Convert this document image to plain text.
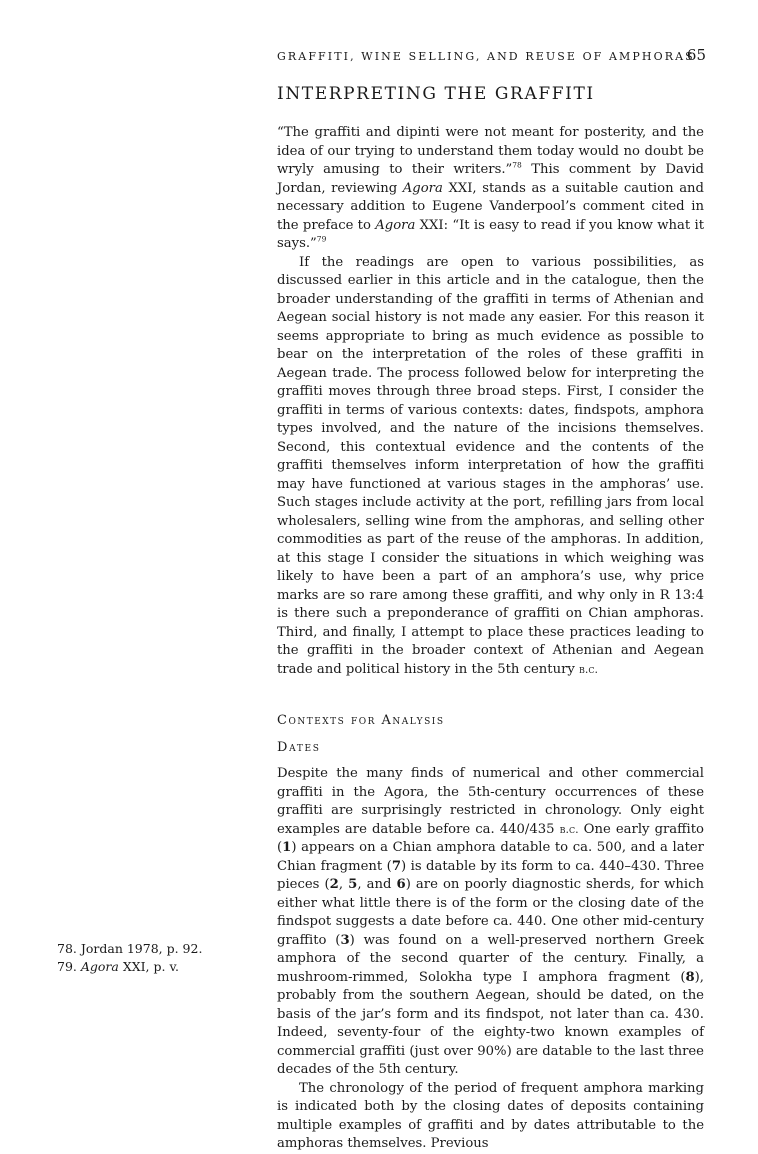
GRAFFITI, WINE SELLING, AND REUSE OF AMPHORAS
65
INTERPRETING THE GRAFFITI

“The graffiti and dipinti were not meant for posterity, and the idea of our trying to understand them today would no doubt be wryly amusing to their writers.”$^{78}$ This comment by David Jordan, reviewing Agora XXI, stands as a suitable caution and necessary addition to Eugene Vanderpool’s comment cited in the preface to Agora XXI: “It is easy to read if you know what it says.”$^{79}$

If the readings are open to various possibilities, as discussed earlier in this article and in the catalogue, then the broader understanding of the graffiti in terms of Athenian and Aegean social history is not made any easier. For this reason it seems appropriate to bring as much evidence as possible to bear on the interpretation of the roles of these graffiti in Aegean trade. The process followed below for interpreting the graffiti moves through three broad steps. First, I consider the graffiti in terms of various contexts: dates, findspots, amphora types involved, and the nature of the incisions themselves. Second, this contextual evidence and the contents of the graffiti themselves inform interpretation of how the graffiti may have functioned at various stages in the amphoras’ use. Such stages include activity at the port, refilling jars from local wholesalers, selling wine from the amphoras, and selling other commodities as part of the reuse of the amphoras. In addition, at this stage I consider the situations in which weighing was likely to have been a part of an amphora’s use, why price marks are so rare among these graffiti, and why only in R 13:4 is there such a preponderance of graffiti on Chian amphoras. Third, and finally, I attempt to place these practices leading to the graffiti in the broader context of Athenian and Aegean trade and political history in the 5th century b.c.

Contexts for Analysis
Dates

Despite the many finds of numerical and other commercial graffiti in the Agora, the 5th-century occurrences of these graffiti are surprisingly restricted in chronology. Only eight examples are datable before ca. 440/435 b.c. One early graffito (1) appears on a Chian amphora datable to ca. 500, and a later Chian fragment (7) is datable by its form to ca. 440–430. Three pieces (2, 5, and 6) are on poorly diagnostic sherds, for which either what little there is of the form or the closing date of the findspot suggests a date before ca. 440. One other mid-century graffito (3) was found on a well-preserved northern Greek amphora of the second quarter of the century. Finally, a mushroom-rimmed, Solokha type I amphora fragment (8), probably from the southern Aegean, should be dated, on the basis of the jar’s form and its findspot, not later than ca. 430. Indeed, seventy-four of the eighty-two known examples of commercial graffiti (just over 90%) are datable to the last three decades of the 5th century.

The chronology of the period of frequent amphora marking is indicated both by the closing dates of deposits containing multiple examples of graffiti and by dates attributable to the amphoras themselves. Previous

78. Jordan 1978, p. 92.
79. Agora XXI, p. v.
